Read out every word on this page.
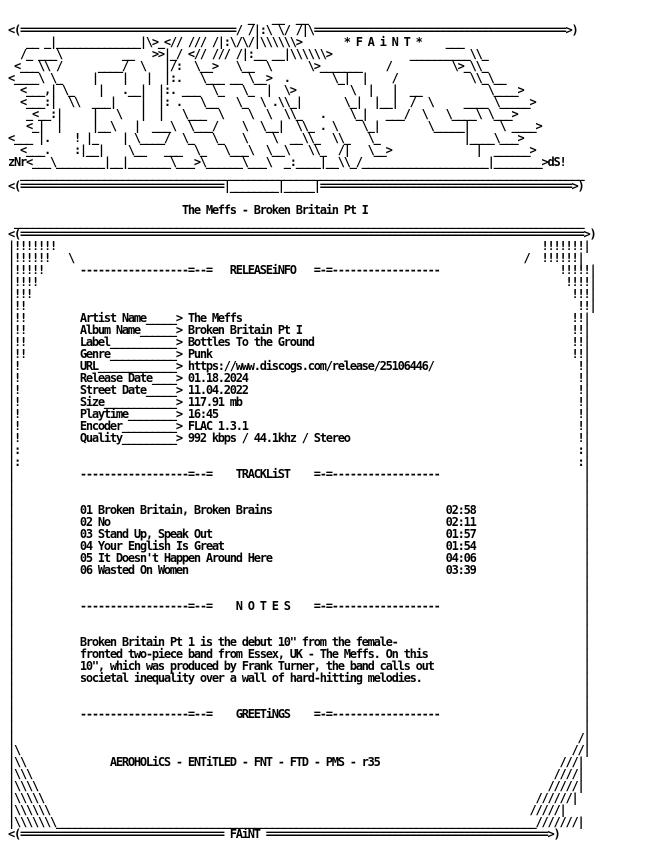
_   __  __
<(====================================/ /|:\ \/ /|\==========================================>)
__ _|______________|\>_<// /// /|:\/\/|\\\\\\>       * F A i N T *    ___
/_ ___\          __   >>|_/ <// /// /|:__ __|\\\\\\>             __________\\_
<___\\ /      ____/  \   |/:  \__>   \__  \      \>_______    /          \>_\\_
<____\ \_     |    |   |  |:.   \___ __ \__>  .       \_|  |    /            \\_\__
<___,| \_    |   .__|  |:. ___  \_   \_  |  \>         \  |   |  __           \____>
<___:|  \\  ___|    |  |: .   \__   \_  \ .\\_|       \_|  |__|  /  \     ____ \_____>
_<__:|     |   \   |  |   \___  \    \  \  \\_   .    \_|   ___/  \   \____\ \___>
<_|  |     |__\   |  ___\  \___/    \  \__|  \\_ . \    \_|        \_____|     \ ____>
<___ |.    ! |_    | \____/  \_   \_   \    \  __\\_  \\_   \_              |____\___>
<___.    :|__|    \__   ___  \_   \___\  \__\   \\_  /|   \__>              |  ______>
zNr<___\________|__|_______\___>\______\___\  _:____|__\\_/_____________________|________>dS!
______________________________________________________________________________________________
<(==================================|________|_____|==========================================>)

The Meffs - Broken Britain Pt I
_______________________________________________________________________________________________
<(==============================================================================================>)
|!!!!!!!                                                                                 !!!!!!!|
|!!!!!!   \                                                                           /  !!!!!!|
|!!!!!      ------------------=--=   RELEASEiNFO   =-=------------------                    !!!!!|
|!!!!                                                                                        !!!!|
|!!!                                                                                          !!!|
|!!                                                                                            !!|
|!!         Artist Name_____> The Meffs                                                       !!|
|!!         Album Name______> Broken Britain Pt I                                             !!|
|!!         Label___________> Bottles To the Ground                                           !!|
|!!         Genre___________> Punk                                                            !!|
|!          URL_____________> https://www.discogs.com/release/25106446/                        !|
|!          Release Date____> 01.18.2024                                                       !|
|!          Street Date_____> 11.04.2022                                                       !|
|!          Size____________> 117.91 mb                                                        !|
|!          Playtime________> 16:45                                                            !|
|!          Encoder_________> FLAC 1.3.1                                                       !|
|!          Quality_________> 992 kbps / 44.1khz / Stereo                                      !|
|:                                                                                             :|
|:                                                                                             :|
|           ------------------=--=    TRACKLiST    =-=------------------                        |
|                                                                                               |
|                                                                                               |
|           01 Broken Britain, Broken Brains                             02:58                  |
|           02 No                                                        02:11                  |
|           03 Stand Up, Speak Out                                       01:57                  |
|           04 Your English Is Great                                     01:54                  |
|           05 It Doesn't Happen Around Here                             04:06                  |
|           06 Wasted On Women                                           03:39                  |
|                                                                                               |
|                                                                                               |
|           ------------------=--=    N O T E S    =-=------------------                        |
|                                                                                               |
|                                                                                               |
|           Broken Britain Pt 1 is the debut 10" from the female-                               |
|           fronted two-piece band from Essex, UK - The Meffs. On this                          |
|           10", which was produced by Frank Turner, the band calls out                         |
|           societal inequality over a wall of hard-hitting melodies.                           |
|                                                                                               |
|                                                                                               |
|           ------------------=--=    GREETiNGS    =-=------------------                        |
|                                                                                               |
|                                                                                              /|
|\                                                                                            //|
|\\              AEROHOLiCS - ENTiTLED - FNT - FTD - PMS - r35                              ///|
|\\\                                                                                       ////|
|\\\\                                                                                     /////|
|\\\\\                                                                                  //////|
|\\\\\\                                                                                /////|
|\\\\\\\________________________________________________________________________________///////|
<(================================== FAiNT ===============================================>)
